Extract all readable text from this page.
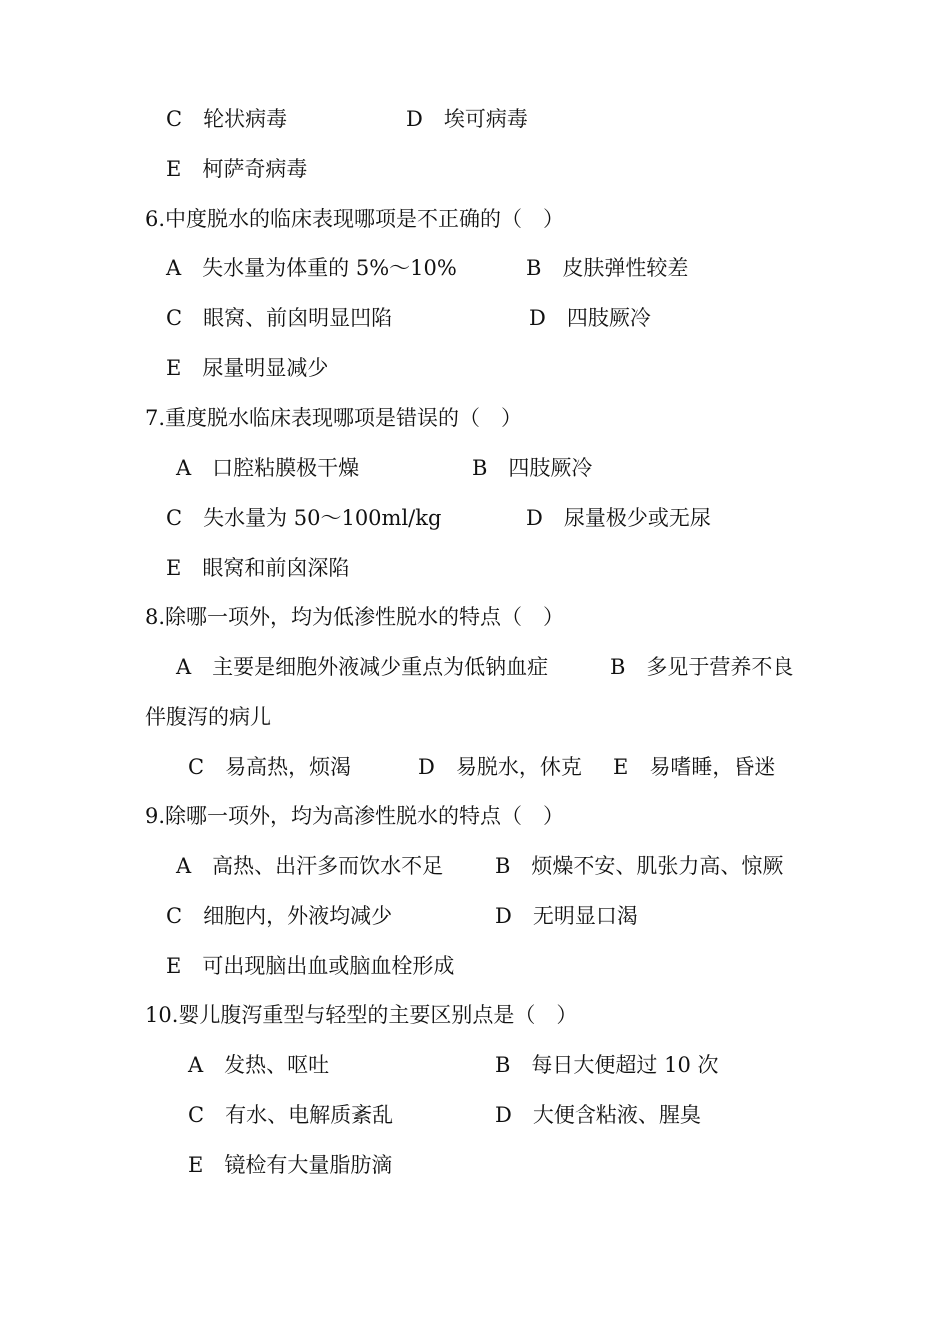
C　轮状病毒	D　埃可病毒
E　柯萨奇病毒
6.中度脱水的临床表现哪项是不正确的（　）
A　失水量为体重的 5%～10%	B　皮肤弹性较差
C　眼窝、前囟明显凹陷	D　四肢厥冷
E　尿量明显减少
7.重度脱水临床表现哪项是错误的（　）
A　口腔粘膜极干燥	B　四肢厥冷
C　失水量为 50～100ml/kg	D　尿量极少或无尿
E　眼窝和前囟深陷
8.除哪一项外，均为低渗性脱水的特点（　）
A　主要是细胞外液减少重点为低钠血症	B　多见于营养不良
伴腹泻的病儿
C　易高热，烦渴	D　易脱水，休克 E　易嗜睡，昏迷
9.除哪一项外，均为高渗性脱水的特点（　）
A　高热、出汗多而饮水不足 B　烦燥不安、肌张力高、惊厥
C　细胞内，外液均减少	D　无明显口渴
E　可出现脑出血或脑血栓形成
10.婴儿腹泻重型与轻型的主要区别点是（　）
A　发热、呕吐	B　每日大便超过 10 次
C　有水、电解质紊乱	D　大便含粘液、腥臭
E　镜检有大量脂肪滴
